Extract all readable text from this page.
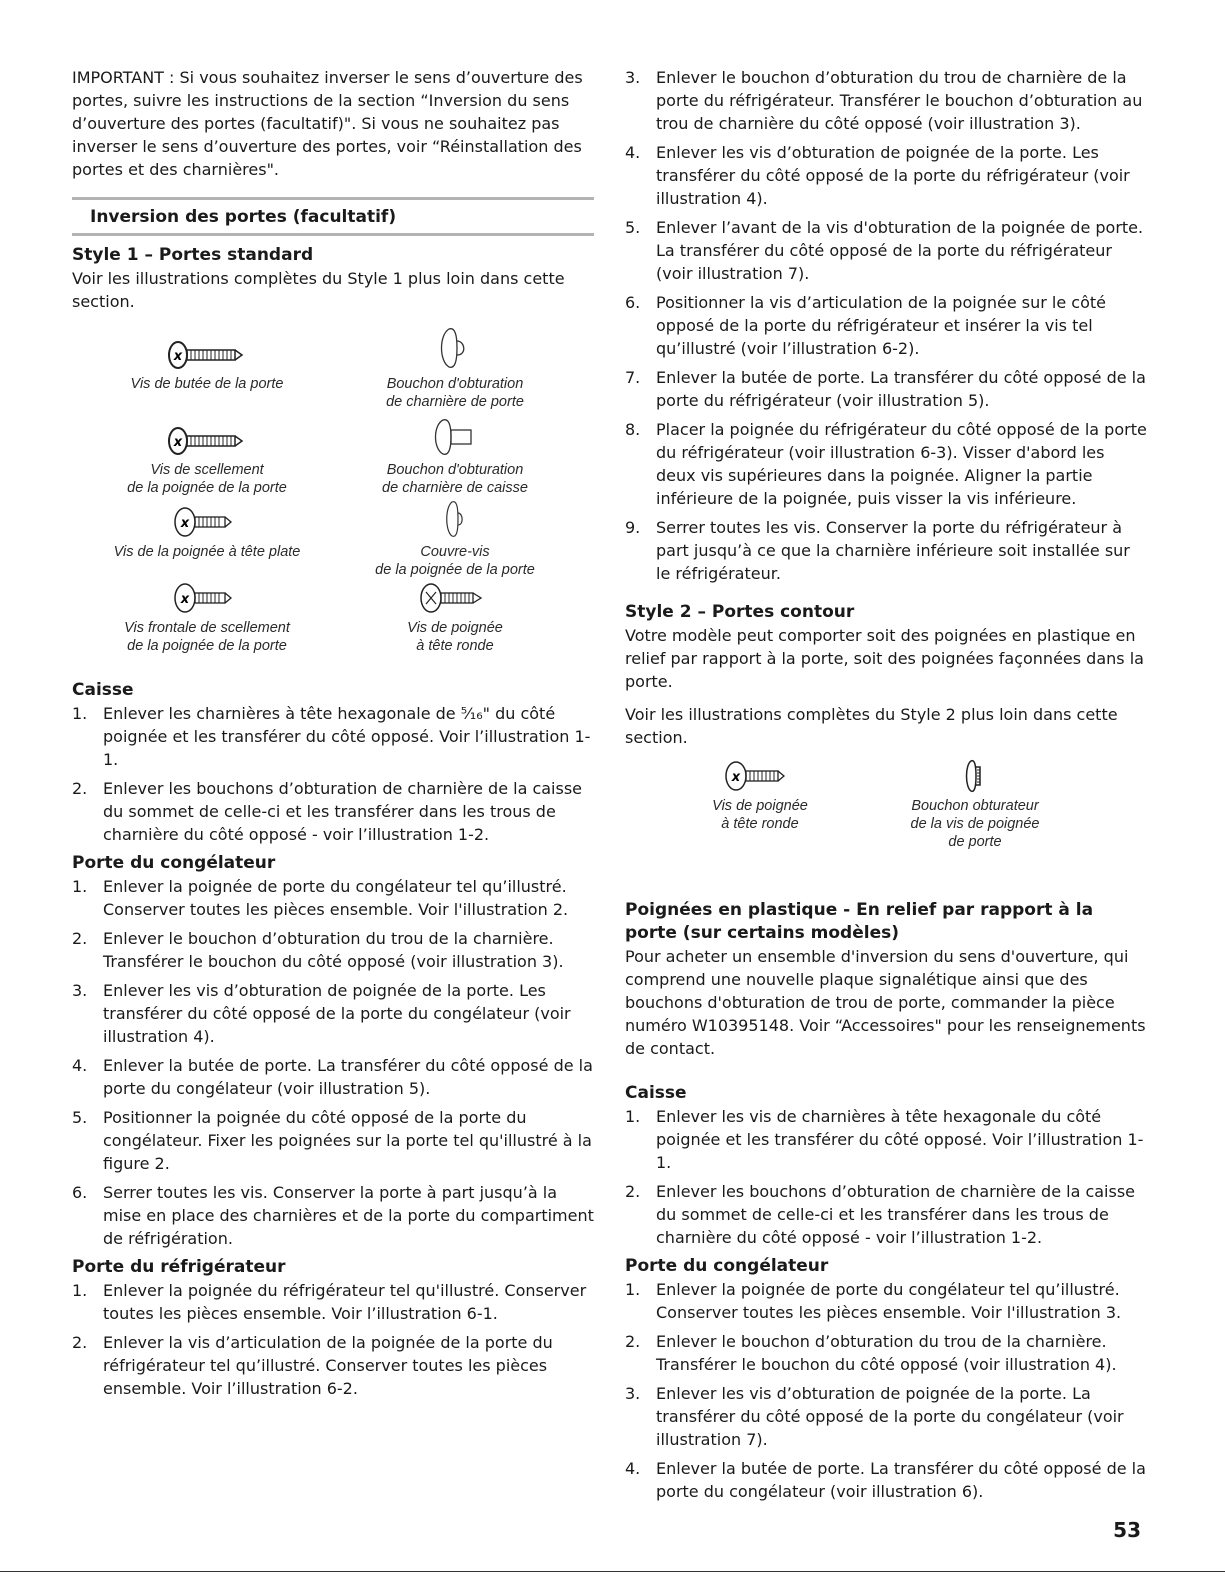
IMPORTANT : Si vous souhaitez inverser le sens d’ouverture des portes, suivre les instructions de la section “Inversion du sens d’ouverture des portes (facultatif)". Si vous ne souhaitez pas inverser le sens d’ouverture des portes, voir “Réinstallation des portes et des charnières".

Inversion des portes (facultatif)
Style 1 – Portes standard

Voir les illustrations complètes du Style 1 plus loin dans cette section.

x
Vis de butée de la porte	Bouchon d'obturation
de charnière de porte
x
Vis de scellement
de la poignée de la porte
Bouchon d'obturation
de charnière de caisse
x
Vis de la poignée à tête plate	Couvre-vis
de la poignée de la porte
x
Vis frontale de scellement
de la poignée de la porte
Vis de poignée
à tête ronde
Caisse
1. Enlever les charnières à tête hexagonale de ⁵⁄₁₆" du côté poignée et les transférer du côté opposé. Voir l’illustration 1-1.
2. Enlever les bouchons d’obturation de charnière de la caisse du sommet de celle-ci et les transférer dans les trous de charnière du côté opposé - voir l’illustration 1-2.
Porte du congélateur
1. Enlever la poignée de porte du congélateur tel qu’illustré. Conserver toutes les pièces ensemble. Voir l'illustration 2.
2. Enlever le bouchon d’obturation du trou de la charnière. Transférer le bouchon du côté opposé (voir illustration 3).
3. Enlever les vis d’obturation de poignée de la porte. Les transférer du côté opposé de la porte du congélateur (voir illustration 4).
4. Enlever la butée de porte. La transférer du côté opposé de la porte du congélateur (voir illustration 5).
5. Positionner la poignée du côté opposé de la porte du congélateur. Fixer les poignées sur la porte tel qu'illustré à la figure 2.
6. Serrer toutes les vis. Conserver la porte à part jusqu’à la mise en place des charnières et de la porte du compartiment de réfrigération.
Porte du réfrigérateur
1. Enlever la poignée du réfrigérateur tel qu'illustré. Conserver toutes les pièces ensemble. Voir l’illustration 6-1.
2. Enlever la vis d’articulation de la poignée de la porte du réfrigérateur tel qu’illustré. Conserver toutes les pièces ensemble. Voir l’illustration 6-2.
3. Enlever le bouchon d’obturation du trou de charnière de la porte du réfrigérateur. Transférer le bouchon d’obturation au trou de charnière du côté opposé (voir illustration 3).
4. Enlever les vis d’obturation de poignée de la porte. Les transférer du côté opposé de la porte du réfrigérateur (voir illustration 4).
5. Enlever l’avant de la vis d'obturation de la poignée de porte. La transférer du côté opposé de la porte du réfrigérateur (voir illustration 7).
6. Positionner la vis d’articulation de la poignée sur le côté opposé de la porte du réfrigérateur et insérer la vis tel qu’illustré (voir l’illustration 6-2).
7. Enlever la butée de porte. La transférer du côté opposé de la porte du réfrigérateur (voir illustration 5).
8. Placer la poignée du réfrigérateur du côté opposé de la porte du réfrigérateur (voir illustration 6-3). Visser d'abord les deux vis supérieures dans la poignée. Aligner la partie inférieure de la poignée, puis visser la vis inférieure.
9. Serrer toutes les vis. Conserver la porte du réfrigérateur à part jusqu’à ce que la charnière inférieure soit installée sur le réfrigérateur.
Style 2 – Portes contour

Votre modèle peut comporter soit des poignées en plastique en relief par rapport à la porte, soit des poignées façonnées dans la porte.

Voir les illustrations complètes du Style 2 plus loin dans cette section.

x
Vis de poignée
à tête ronde
Bouchon obturateur
de la vis de poignée
de porte
Poignées en plastique - En relief par rapport à la porte (sur certains modèles)

Pour acheter un ensemble d'inversion du sens d'ouverture, qui comprend une nouvelle plaque signalétique ainsi que des bouchons d'obturation de trou de porte, commander la pièce numéro W10395148. Voir “Accessoires" pour les renseignements de contact.

Caisse
1. Enlever les vis de charnières à tête hexagonale du côté poignée et les transférer du côté opposé. Voir l’illustration 1-1.
2. Enlever les bouchons d’obturation de charnière de la caisse du sommet de celle-ci et les transférer dans les trous de charnière du côté opposé - voir l’illustration 1-2.
Porte du congélateur
1. Enlever la poignée de porte du congélateur tel qu’illustré. Conserver toutes les pièces ensemble. Voir l'illustration 3.
2. Enlever le bouchon d’obturation du trou de la charnière. Transférer le bouchon du côté opposé (voir illustration 4).
3. Enlever les vis d’obturation de poignée de la porte. La transférer du côté opposé de la porte du congélateur (voir illustration 7).
4. Enlever la butée de porte. La transférer du côté opposé de la porte du congélateur (voir illustration 6).
53
